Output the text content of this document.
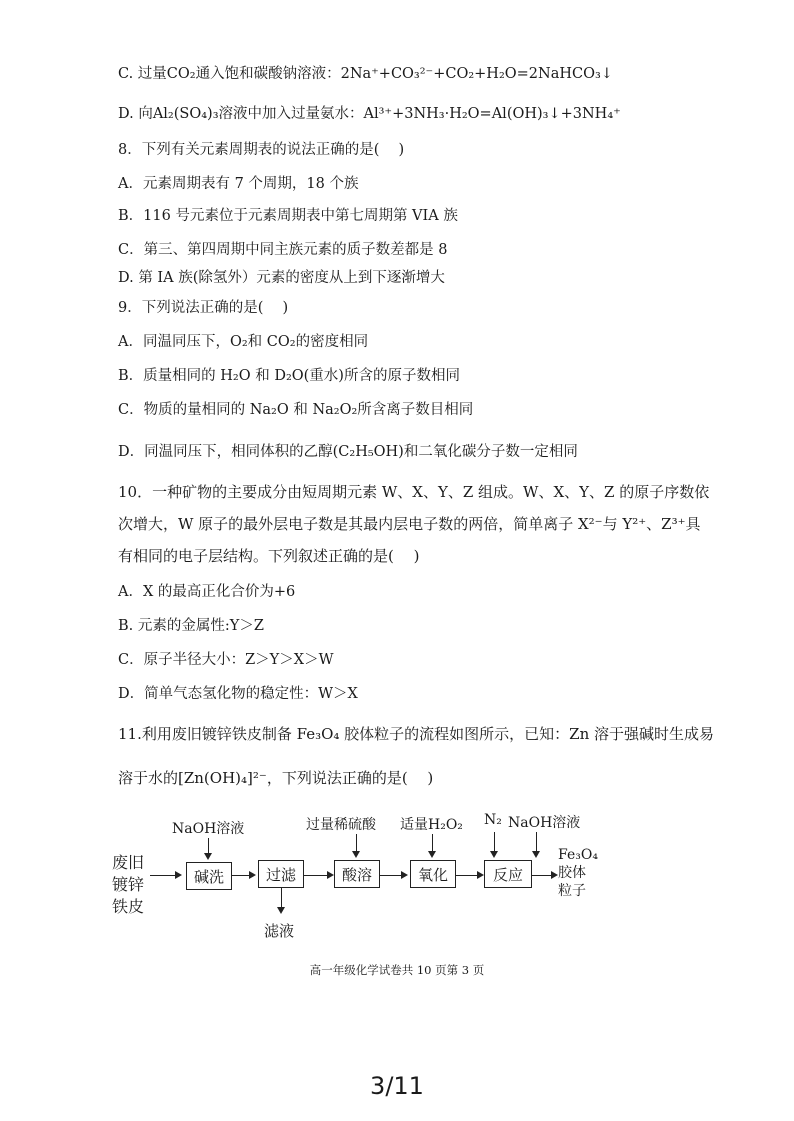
C. 过量CO₂通入饱和碳酸钠溶液：2Na⁺+CO₃²⁻+CO₂+H₂O=2NaHCO₃↓
D. 向Al₂(SO₄)₃溶液中加入过量氨水：Al³⁺+3NH₃·H₂O=Al(OH)₃↓+3NH₄⁺
8．下列有关元素周期表的说法正确的是(　 )
A．元素周期表有 7 个周期，18 个族
B．116 号元素位于元素周期表中第七周期第 VIA 族
C．第三、第四周期中同主族元素的质子数差都是 8
D. 第 IA 族(除氢外）元素的密度从上到下逐渐增大
9．下列说法正确的是(　 )
A．同温同压下，O₂和 CO₂的密度相同
B．质量相同的 H₂O 和 D₂O(重水)所含的原子数相同
C．物质的量相同的 Na₂O 和 Na₂O₂所含离子数目相同
D．同温同压下，相同体积的乙醇(C₂H₅OH)和二氧化碳分子数一定相同
10．一种矿物的主要成分由短周期元素 W、X、Y、Z 组成。W、X、Y、Z 的原子序数依
次增大，W 原子的最外层电子数是其最内层电子数的两倍，简单离子 X²⁻与 Y²⁺、Z³⁺具
有相同的电子层结构。下列叙述正确的是(　 )
A．X 的最高正化合价为+6
B. 元素的金属性:Y＞Z
C．原子半径大小：Z＞Y＞X＞W
D．简单气态氢化物的稳定性：W＞X
11.利用废旧镀锌铁皮制备 Fe₃O₄ 胶体粒子的流程如图所示，已知：Zn 溶于强碱时生成易
溶于水的[Zn(OH)₄]²⁻，下列说法正确的是(　 )
废旧
镀锌
铁皮
NaOH溶液
碱洗	过滤
滤液
过量稀硫酸
酸溶
适量H₂O₂
氧化
N₂ NaOH溶液
反应
Fe₃O₄
胶体
粒子
高一年级化学试卷共 10 页第 3 页
3/11
